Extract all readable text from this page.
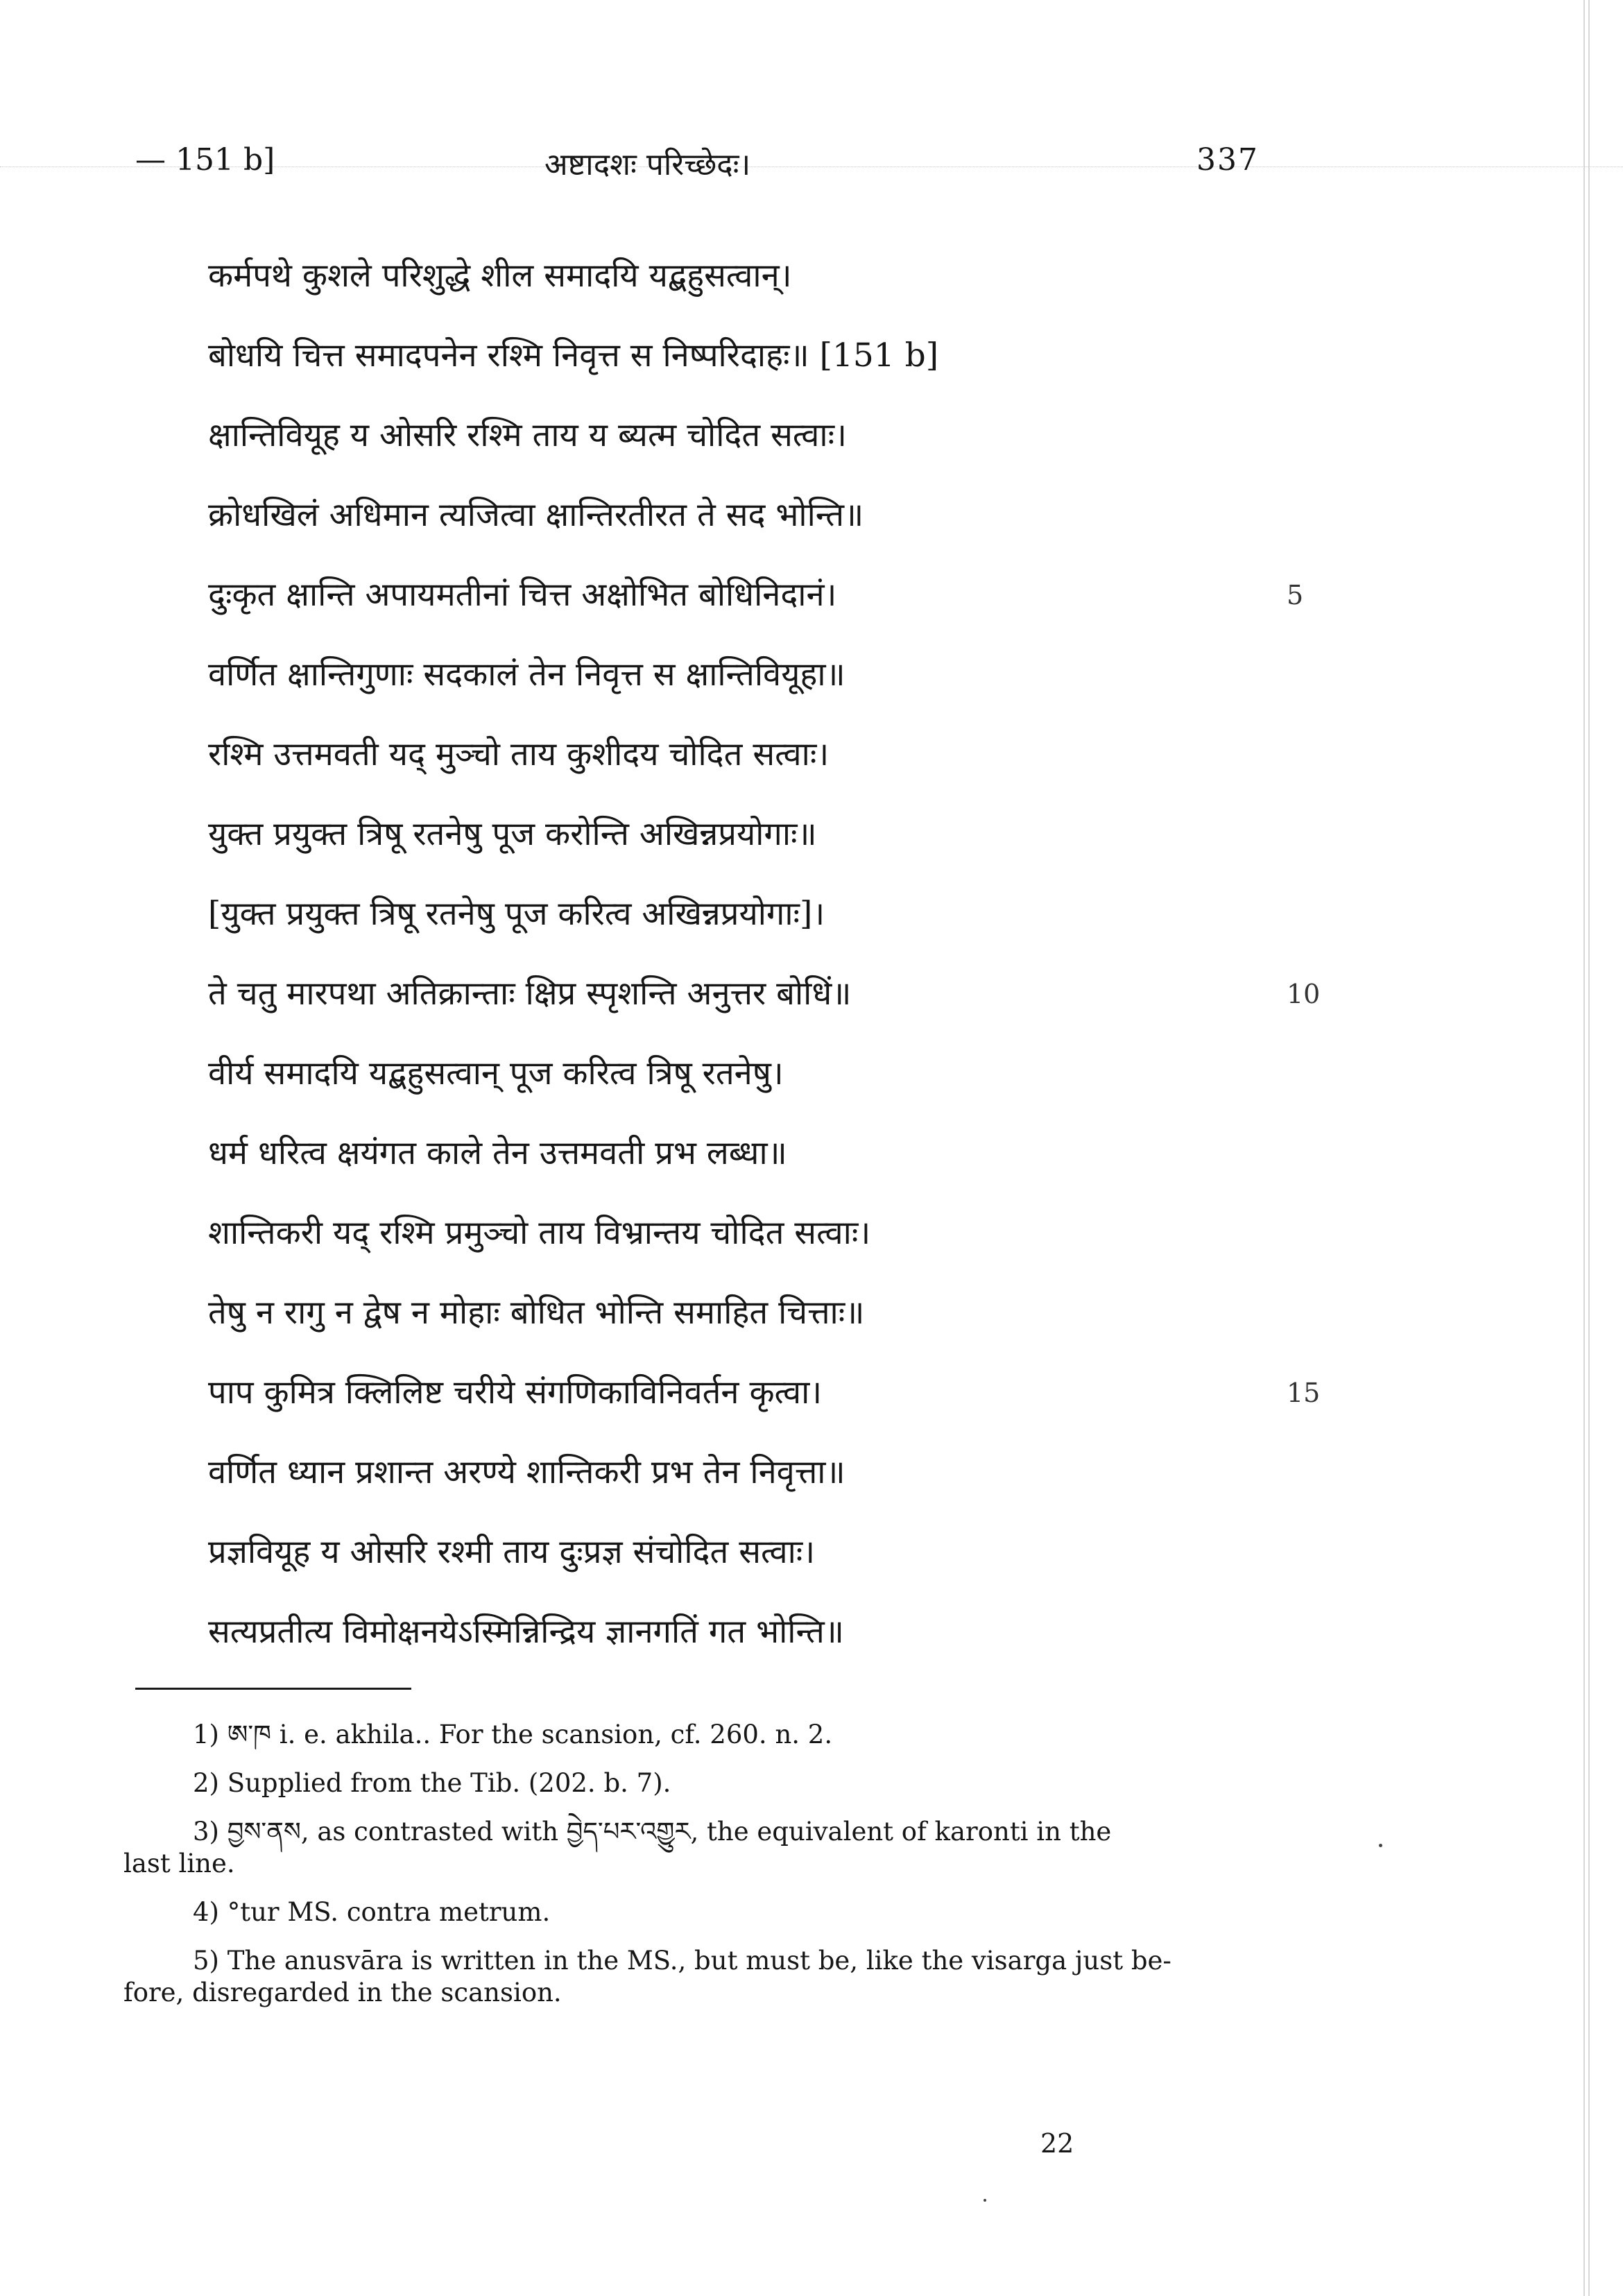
— 151 b]	अष्टादशः परिच्छेदः।	337
कर्मपथे कुशले परिशुद्धे शील समादयि यद्बहुसत्वान्।
बोधयि चित्त समादपनेन रश्मि निवृत्त स निष्परिदाहः॥ [151 b]
क्षान्तिवियूह य ओसरि रश्मि ताय य ब्यत्म चोदित सत्वाः।
क्रोधखिलं अधिमान त्यजित्वा क्षान्तिरतीरत ते सद भोन्ति॥
दुःकृत क्षान्ति अपायमतीनां चित्त अक्षोभित बोधिनिदानं।	5
वर्णित क्षान्तिगुणाः सदकालं तेन निवृत्त स क्षान्तिवियूहा॥
रश्मि उत्तमवती यद् मुञ्चो ताय कुशीदय चोदित सत्वाः।
युक्त प्रयुक्त त्रिषू रतनेषु पूज करोन्ति अखिन्नप्रयोगाः॥
[युक्त प्रयुक्त त्रिषू रतनेषु पूज करित्व अखिन्नप्रयोगाः]।
ते चतु मारपथा अतिक्रान्ताः क्षिप्र स्पृशन्ति अनुत्तर बोधिं॥	10
वीर्य समादयि यद्बहुसत्वान् पूज करित्व त्रिषू रतनेषु।
धर्म धरित्व क्षयंगत काले तेन उत्तमवती प्रभ लब्धा॥
शान्तिकरी यद् रश्मि प्रमुञ्चो ताय विभ्रान्तय चोदित सत्वाः।
तेषु न रागु न द्वेष न मोहाः बोधित भोन्ति समाहित चित्ताः॥
पाप कुमित्र क्लिलिष्ट चरीये संगणिकाविनिवर्तन कृत्वा।	15
वर्णित ध्यान प्रशान्त अरण्ये शान्तिकरी प्रभ तेन निवृत्ता॥
प्रज्ञवियूह य ओसरि रश्मी ताय दुःप्रज्ञ संचोदित सत्वाः।
सत्यप्रतीत्य विमोक्षनयेऽस्मिन्निन्द्रिय ज्ञानगतिं गत भोन्ति॥
1) ཨ་ཁ i. e. akhila.. For the scansion, cf. 260. n. 2.
2) Supplied from the Tib. (202. b. 7).
3) བྱས་ནས, as contrasted with བྱེད་པར་འགྱུར, the equivalent of karonti in the
last line.
4) °tur MS. contra metrum.
5) The anusvāra is written in the MS., but must be, like the visarga just be-
fore, disregarded in the scansion.
22
